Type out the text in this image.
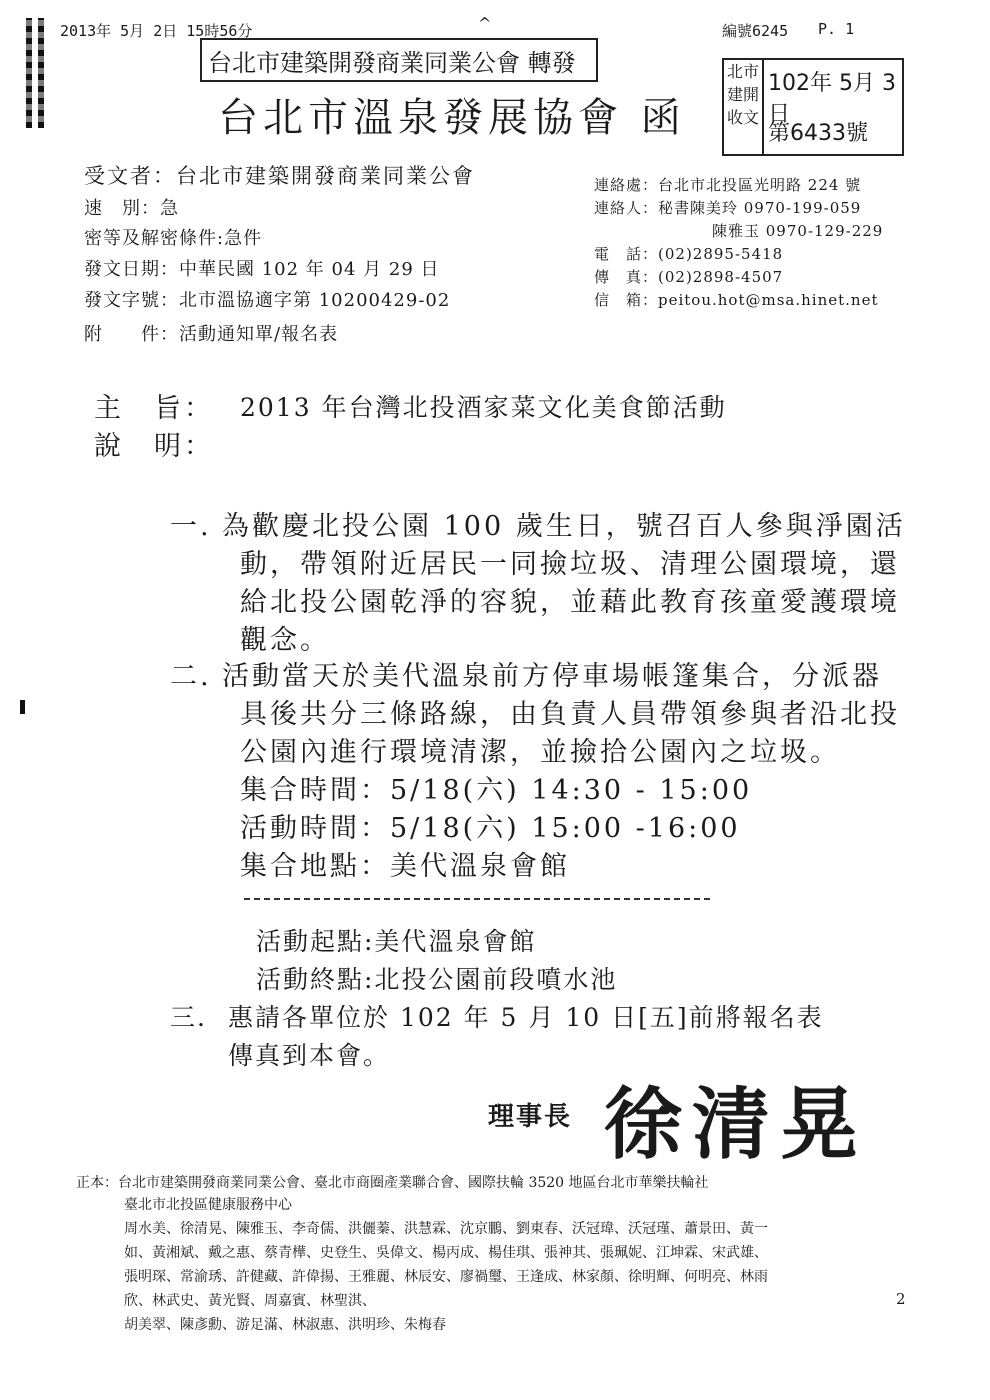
2013年 5月 2日 15時56分	^	編號6245 P. 1
台北市建築開發商業同業公會 轉發
台北市溫泉發展協會 函
北市
建開
收文
102年 5月 3日
第6433號
受文者：台北市建築開發商業同業公會
速　別：急
密等及解密條件:急件
發文日期：中華民國 102 年 04 月 29 日
發文字號：北市溫協適字第 10200429-02
附　　件：活動通知單/報名表
連絡處：台北市北投區光明路 224 號
連絡人：秘書陳美玲 0970-199-059
陳雅玉 0970-129-229
電　話：(02)2895-5418
傳　真：(02)2898-4507
信　箱：peitou.hot@msa.hinet.net
主　旨： 2013 年台灣北投酒家菜文化美食節活動
說　明：
一. 為歡慶北投公園 100 歲生日，號召百人參與淨園活
動，帶領附近居民一同撿垃圾、清理公園環境，還
給北投公園乾淨的容貌，並藉此教育孩童愛護環境
觀念。
二. 活動當天於美代溫泉前方停車場帳篷集合，分派器
具後共分三條路線，由負責人員帶領參與者沿北投
公園內進行環境清潔，並撿拾公園內之垃圾。
集合時間：5/18(六) 14:30 - 15:00
活動時間：5/18(六) 15:00 -16:00
集合地點：美代溫泉會館
活動起點:美代溫泉會館
活動終點:北投公園前段噴水池
三. 惠請各單位於 102 年 5 月 10 日[五]前將報名表
傳真到本會。
理事長 徐清晃
正本：台北市建築開發商業同業公會、臺北市商圈產業聯合會、國際扶輪 3520 地區台北市華樂扶輪社
臺北市北投區健康服務中心
周水美、徐清晃、陳雅玉、李奇儒、洪儷蓁、洪慧霖、沈京鵬、劉東春、沃冠瑋、沃冠瑾、蕭景田、黃一
如、黃湘斌、戴之惠、蔡青樺、史登生、吳偉文、楊丙成、楊佳琪、張神其、張珮妮、江坤霖、宋武雄、
張明琛、常渝琇、許健藏、許偉揚、王雅麗、林辰安、廖禍璽、王逢成、林家顏、徐明輝、何明亮、林雨
欣、林武史、黃光賢、周嘉賓、林聖淇、
胡美翠、陳彥勳、游足滿、林淑惠、洪明珍、朱梅春
2
